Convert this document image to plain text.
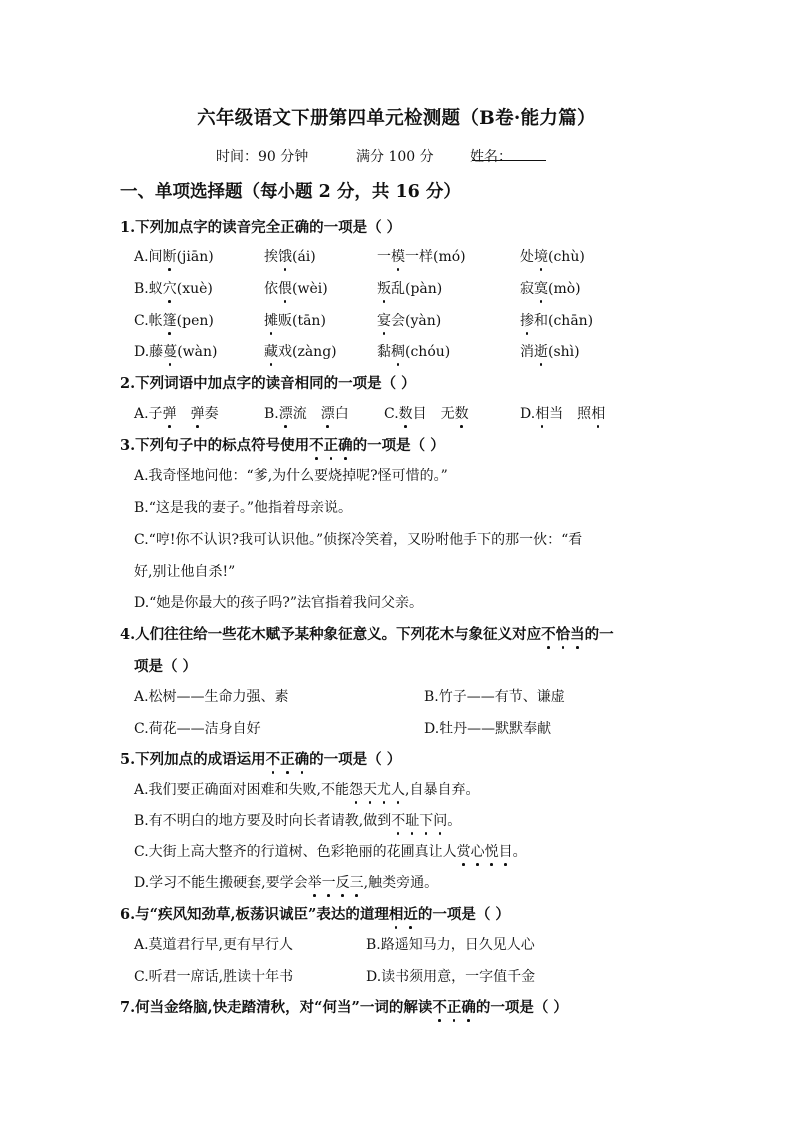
六年级语文下册第四单元检测题（B卷·能力篇）
时间：90 分钟	满分 100 分	姓名：
一、单项选择题（每小题 2 分，共 16 分）
1.下列加点字的读音完全正确的一项是（ ）
A.间断(jiān)	挨饿(ái)	一模一样(mó)	处境(chù)
B.蚁穴(xuè)	依偎(wèi)	叛乱(pàn)	寂寞(mò)
C.帐篷(pen)	摊贩(tān)	宴会(yàn)	掺和(chān)
D.藤蔓(wàn)	藏戏(zàng)	黏稠(chóu)	消逝(shì)
2.下列词语中加点字的读音相同的一项是（ ）
A.子弹　 弹奏	B.漂流　漂白	C.数目　无数	D.相当　照相
3.下列句子中的标点符号使用不正确的一项是（ ）
A.我奇怪地问他：“爹,为什么要烧掉呢?怪可惜的。”
B.“这是我的妻子。”他指着母亲说。
C.“哼!你不认识?我可认识他。”侦探冷笑着，又吩咐他手下的那一伙：“看
好,别让他自杀!”
D.“她是你最大的孩子吗?”法官指着我问父亲。
4.人们往往给一些花木赋予某种象征意义。下列花木与象征义对应不恰当的一
项是（ ）
A.松树——生命力强、素	B.竹子——有节、谦虚
C.荷花——洁身自好	D.牡丹——默默奉献
5.下列加点的成语运用不正确的一项是（ ）
A.我们要正确面对困难和失败,不能怨天尤人,自暴自弃。
B.有不明白的地方要及时向长者请教,做到不耻下问。
C.大街上高大整齐的行道树、色彩艳丽的花圃真让人赏心悦目。
D.学习不能生搬硬套,要学会举一反三,触类旁通。
6.与“疾风知劲草,板荡识诚臣”表达的道理相近的一项是（ ）
A.莫道君行早,更有早行人	B.路遥知马力，日久见人心
C.听君一席话,胜读十年书	D.读书须用意，一字值千金
7.何当金络脑,快走踏清秋，对“何当”一词的解读不正确的一项是（ ）
